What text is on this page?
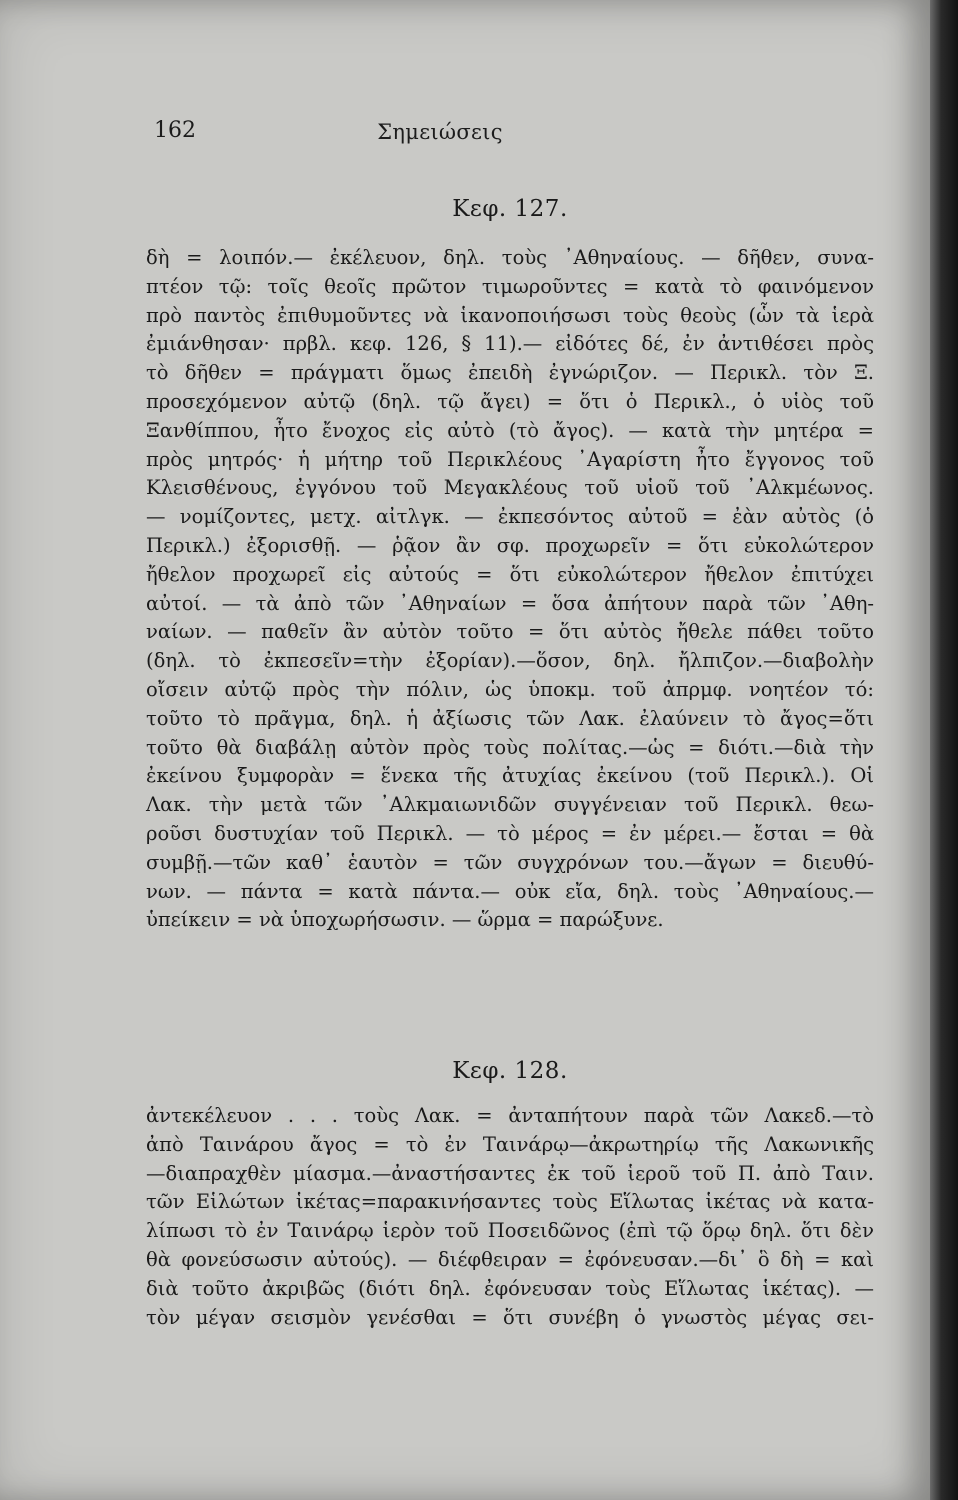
162	Σημειώσεις
Κεφ. 127.
δὴ = λοιπόν.— ἐκέλευον, δηλ. τοὺς ᾿Αθηναίους. — δῆθεν, συνα-
πτέον τῷ: τοῖς θεοῖς πρῶτον τιμωροῦντες = κατὰ τὸ φαινόμενον
πρὸ παντὸς ἐπιθυμοῦντες νὰ ἱκανοποιήσωσι τοὺς θεοὺς (ὧν τὰ ἱερὰ
ἐμιάνθησαν· πρβλ. κεφ. 126, § 11).— εἰδότες δέ, ἐν ἀντιθέσει πρὸς
τὸ δῆθεν = πράγματι ὅμως ἐπειδὴ ἐγνώριζον. — Περικλ. τὸν Ξ.
προσεχόμενον αὐτῷ (δηλ. τῷ ἄγει) = ὅτι ὁ Περικλ., ὁ υἱὸς τοῦ
Ξανθίππου, ἦτο ἔνοχος εἰς αὐτὸ (τὸ ἄγος). — κατὰ τὴν μητέρα =
πρὸς μητρός· ἡ μήτηρ τοῦ Περικλέους ᾿Αγαρίστη ἦτο ἔγγονος τοῦ
Κλεισθένους, ἐγγόνου τοῦ Μεγακλέους τοῦ υἱοῦ τοῦ ᾿Αλκμέωνος.
— νομίζοντες, μετχ. αἰτλγκ. — ἐκπεσόντος αὐτοῦ = ἐὰν αὐτὸς (ὁ
Περικλ.) ἐξορισθῇ. — ῥᾷον ἂν σφ. προχωρεῖν = ὅτι εὐκολώτερον
ἤθελον προχωρεῖ εἰς αὐτούς = ὅτι εὐκολώτερον ἤθελον ἐπιτύχει
αὐτοί. — τὰ ἀπὸ τῶν ᾿Αθηναίων = ὅσα ἀπήτουν παρὰ τῶν ᾿Αθη-
ναίων. — παθεῖν ἂν αὐτὸν τοῦτο = ὅτι αὐτὸς ἤθελε πάθει τοῦτο
(δηλ. τὸ ἐκπεσεῖν=τὴν ἐξορίαν).—ὅσον, δηλ. ἤλπιζον.—διαβολὴν
οἴσειν αὐτῷ πρὸς τὴν πόλιν, ὡς ὑποκμ. τοῦ ἀπρμφ. νοητέον τό:
τοῦτο τὸ πρᾶγμα, δηλ. ἡ ἀξίωσις τῶν Λακ. ἐλαύνειν τὸ ἄγος=ὅτι
τοῦτο θὰ διαβάλῃ αὐτὸν πρὸς τοὺς πολίτας.—ὡς = διότι.—διὰ τὴν
ἐκείνου ξυμφορὰν = ἕνεκα τῆς ἀτυχίας ἐκείνου (τοῦ Περικλ.). Οἱ
Λακ. τὴν μετὰ τῶν ᾿Αλκμαιωνιδῶν συγγένειαν τοῦ Περικλ. θεω-
ροῦσι δυστυχίαν τοῦ Περικλ. — τὸ μέρος = ἐν μέρει.— ἔσται = θὰ
συμβῇ.—τῶν καθ᾿ ἑαυτὸν = τῶν συγχρόνων του.—ἄγων = διευθύ-
νων. — πάντα = κατὰ πάντα.— οὐκ εἴα, δηλ. τοὺς ᾿Αθηναίους.—
ὑπείκειν = νὰ ὑποχωρήσωσιν. — ὥρμα = παρώξυνε.
Κεφ. 128.
ἀντεκέλευον . . . τοὺς Λακ. = ἀνταπήτουν παρὰ τῶν Λακεδ.—τὸ
ἀπὸ Ταινάρου ἄγος = τὸ ἐν Ταινάρῳ—ἀκρωτηρίῳ τῆς Λακωνικῆς
—διαπραχθὲν μίασμα.—ἀναστήσαντες ἐκ τοῦ ἱεροῦ τοῦ Π. ἀπὸ Ταιν.
τῶν Εἱλώτων ἱκέτας=παρακινήσαντες τοὺς Εἵλωτας ἱκέτας νὰ κατα-
λίπωσι τὸ ἐν Ταινάρῳ ἱερὸν τοῦ Ποσειδῶνος (ἐπὶ τῷ ὅρῳ δηλ. ὅτι δὲν
θὰ φονεύσωσιν αὐτούς). — διέφθειραν = ἐφόνευσαν.—δι᾿ ὃ δὴ = καὶ
διὰ τοῦτο ἀκριβῶς (διότι δηλ. ἐφόνευσαν τοὺς Εἵλωτας ἱκέτας). —
τὸν μέγαν σεισμὸν γενέσθαι = ὅτι συνέβη ὁ γνωστὸς μέγας σει-
